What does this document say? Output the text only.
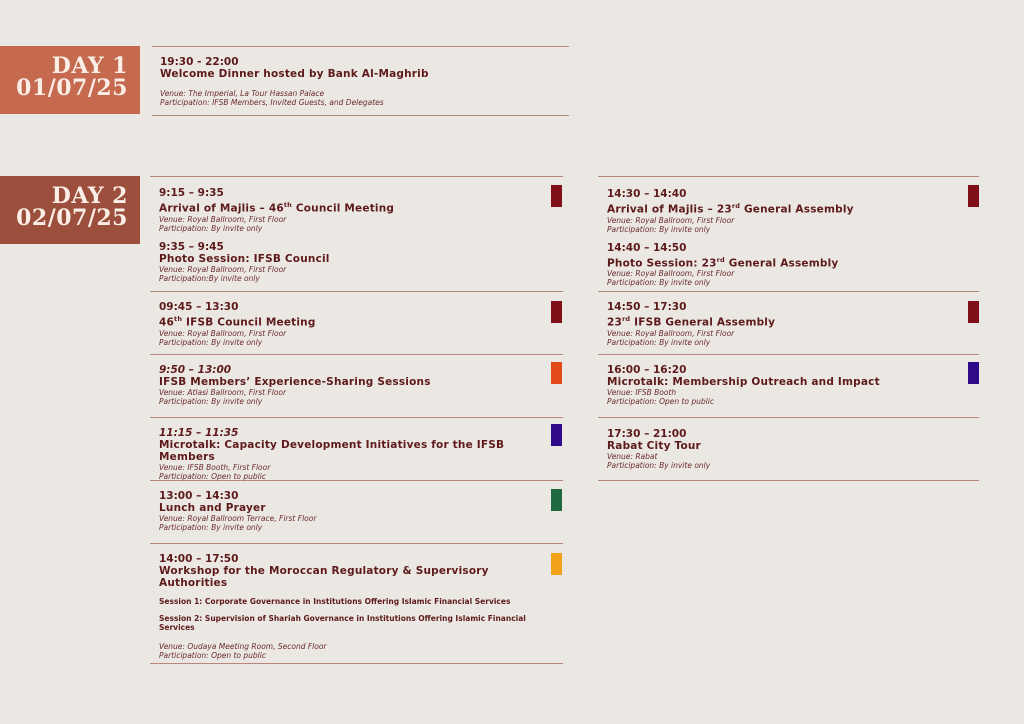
DAY 1
01/07/25
19:30 - 22:00
Welcome Dinner hosted by Bank Al-Maghrib
Venue: The Imperial, La Tour Hassan Palace
Participation: IFSB Members, Invited Guests, and Delegates
DAY 2
02/07/25
9:15 – 9:35
Arrival of Majlis – 46th Council Meeting
Venue: Royal Ballroom, First Floor
Participation: By invite only
9:35 – 9:45
Photo Session: IFSB Council
Venue: Royal Ballroom, First Floor
Participation:By invite only
09:45 – 13:30
46th IFSB Council Meeting
Venue: Royal Ballroom, First Floor
Participation: By invite only
9:50 – 13:00
IFSB Members’ Experience-Sharing Sessions
Venue: Atlasi Ballroom, First Floor
Participation: By invite only
11:15 – 11:35
Microtalk: Capacity Development Initiatives for the IFSB Members
Venue: IFSB Booth, First Floor
Participation: Open to public
13:00 – 14:30
Lunch and Prayer
Venue: Royal Ballroom Terrace, First Floor
Participation: By invite only
14:00 – 17:50
Workshop for the Moroccan Regulatory & Supervisory Authorities
Session 1: Corporate Governance in Institutions Offering Islamic Financial Services
Session 2: Supervision of Shariah Governance in Institutions Offering Islamic Financial Services
Venue: Oudaya Meeting Room, Second Floor
Participation: Open to public
14:30 – 14:40
Arrival of Majlis – 23rd General Assembly
Venue: Royal Ballroom, First Floor
Participation: By invite only
14:40 – 14:50
Photo Session: 23rd General Assembly
Venue: Royal Ballroom, First Floor
Participation: By invite only
14:50 – 17:30
23rd IFSB General Assembly
Venue: Royal Ballroom, First Floor
Participation: By invite only
16:00 – 16:20
Microtalk: Membership Outreach and Impact
Venue: IFSB Booth
Participation: Open to public
17:30 – 21:00
Rabat City Tour
Venue: Rabat
Participation: By invite only
